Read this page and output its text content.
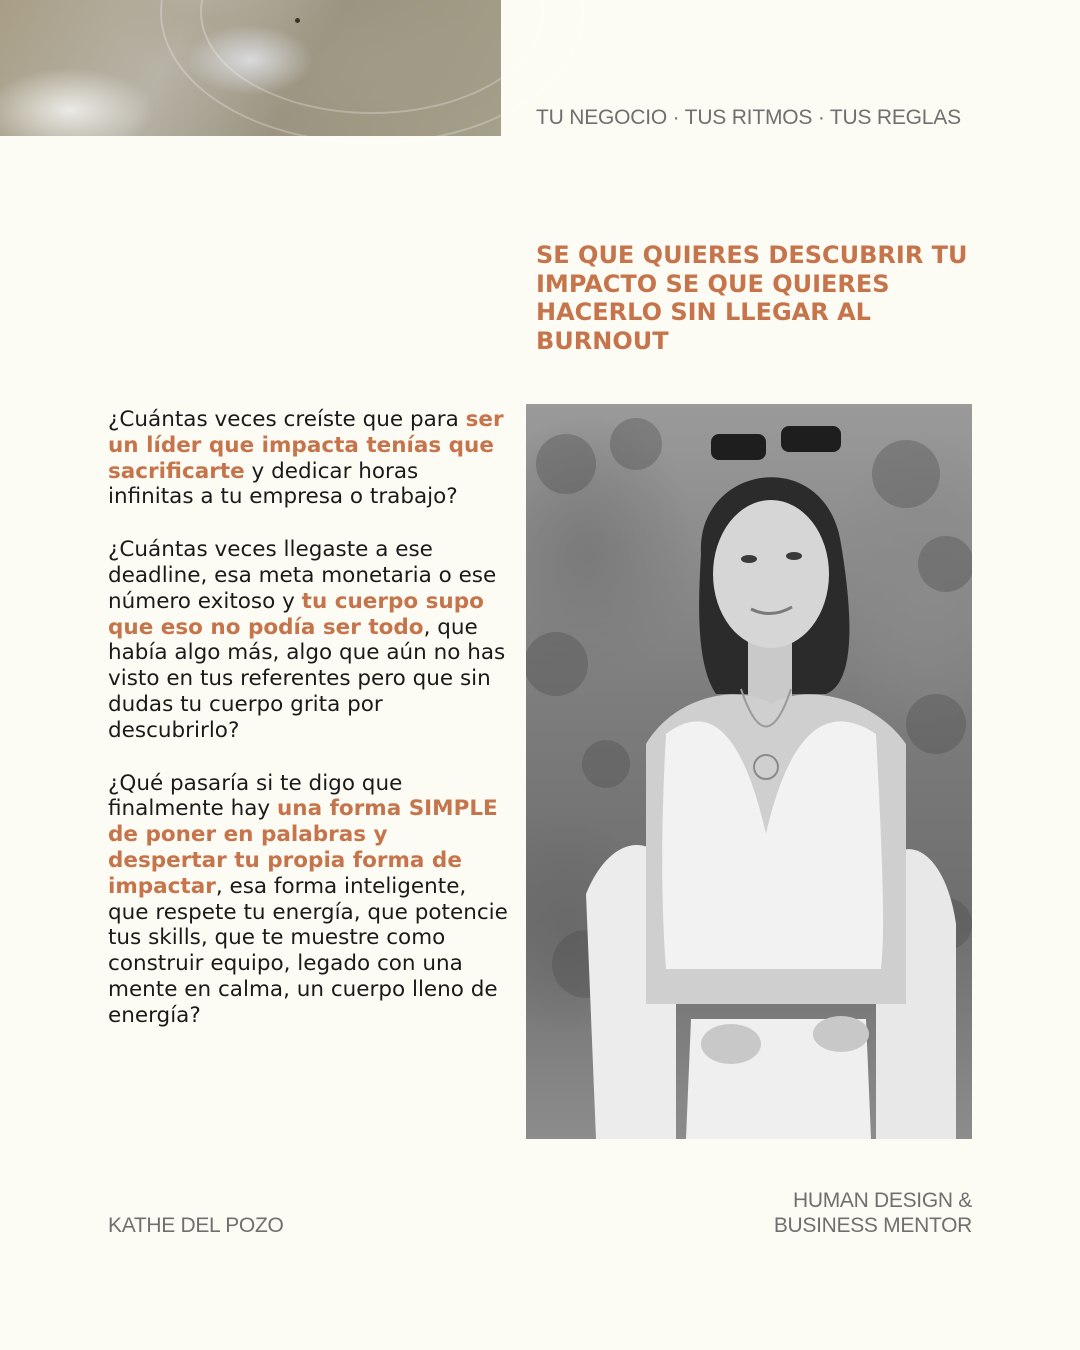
TU NEGOCIO · TUS RITMOS · TUS REGLAS
SE QUE QUIERES DESCUBRIR TU IMPACTO SE QUE QUIERES HACERLO SIN LLEGAR AL BURNOUT

¿Cuántas veces creíste que para ser un líder que impacta tenías que sacrificarte y dedicar horas infinitas a tu empresa o trabajo?

¿Cuántas veces llegaste a ese deadline, esa meta monetaria o ese número exitoso y tu cuerpo supo que eso no podía ser todo, que había algo más, algo que aún no has visto en tus referentes pero que sin dudas tu cuerpo grita por descubrirlo?

¿Qué pasaría si te digo que finalmente hay una forma SIMPLE de poner en palabras y despertar tu propia forma de impactar, esa forma inteligente, que respete tu energía, que potencie tus skills, que te muestre como construir equipo, legado con una mente en calma, un cuerpo lleno de energía?

KATHE DEL POZO
HUMAN DESIGN &
BUSINESS MENTOR
